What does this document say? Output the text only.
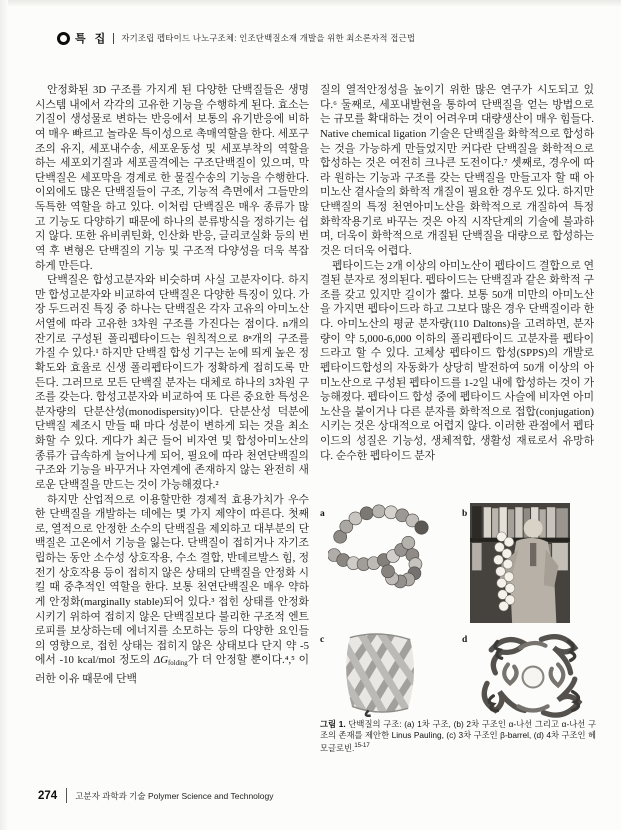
특 집 자기조립 펩타이드 나노구조체: 인조단백질소재 개발을 위한 최소론자적 접근법

안정화된 3D 구조를 가지게 된 다양한 단백질들은 생명 시스템 내에서 각각의 고유한 기능을 수행하게 된다. 효소는 기질이 생성물로 변하는 반응에서 보통의 유기반응에 비하여 매우 빠르고 놀라운 특이성으로 촉매역할을 한다. 세포구조의 유지, 세포내수송, 세포운동성 및 세포부착의 역할을 하는 세포외기질과 세포골격에는 구조단백질이 있으며, 막단백질은 세포막을 경계로 한 물질수송의 기능을 수행한다. 이외에도 많은 단백질들이 구조, 기능적 측면에서 그들만의 독특한 역할을 하고 있다. 이처럼 단백질은 매우 종류가 많고 기능도 다양하기 때문에 하나의 분류방식을 정하기는 쉽지 않다. 또한 유비퀴틴화, 인산화 반응, 글리코실화 등의 번역 후 변형은 단백질의 기능 및 구조적 다양성을 더욱 복잡하게 만든다.

단백질은 합성고분자와 비슷하며 사실 고분자이다. 하지만 합성고분자와 비교하여 단백질은 다양한 특징이 있다. 가장 두드러진 특징 중 하나는 단백질은 각자 고유의 아미노산 서열에 따라 고유한 3차원 구조를 가진다는 점이다. n개의 잔기로 구성된 폴리펩타이드는 원칙적으로 8ⁿ개의 구조를 가질 수 있다.¹ 하지만 단백질 합성 기구는 눈에 띄게 높은 정확도와 효율로 신생 폴리펩타이드가 정확하게 접히도록 만든다. 그러므로 모든 단백질 분자는 대체로 하나의 3차원 구조를 갖는다. 합성고분자와 비교하여 또 다른 중요한 특성은 분자량의 단분산성(monodispersity)이다. 단분산성 덕분에 단백질 제조시 만들 때 마다 성분이 변하게 되는 것을 최소화할 수 있다. 게다가 최근 들어 비자연 및 합성아미노산의 종류가 급속하게 늘어나게 되어, 필요에 따라 천연단백질의 구조와 기능을 바꾸거나 자연계에 존재하지 않는 완전히 새로운 단백질을 만드는 것이 가능해졌다.²

하지만 산업적으로 이용할만한 경제적 효용가치가 우수한 단백질을 개발하는 데에는 몇 가지 제약이 따른다. 첫째로, 열적으로 안정한 소수의 단백질을 제외하고 대부분의 단백질은 고온에서 기능을 잃는다. 단백질이 접히거나 자기조립하는 동안 소수성 상호작용, 수소 결합, 반데르발스 힘, 정전기 상호작용 등이 접히지 않은 상태의 단백질을 안정화 시킬 때 중추적인 역할을 한다. 보통 천연단백질은 매우 약하게 안정화(marginally stable)되어 있다.³ 접힌 상태를 안정화시키기 위하여 접히지 않은 단백질보다 불리한 구조적 엔트로피를 보상하는데 에너지를 소모하는 등의 다양한 요인들의 영향으로, 접힌 상태는 접히지 않은 상태보다 단지 약 -5에서 -10 kcal/mol 정도의 $\Delta G_{folding}$가 더 안정할 뿐이다.⁴,⁵ 이러한 이유 때문에 단백

질의 열적안정성을 높이기 위한 많은 연구가 시도되고 있다.⁶ 둘째로, 세포내발현을 통하여 단백질을 얻는 방법으로는 규모를 확대하는 것이 어려우며 대량생산이 매우 힘들다. Native chemical ligation 기술은 단백질을 화학적으로 합성하는 것을 가능하게 만들었지만 커다란 단백질을 화학적으로 합성하는 것은 여전히 크나큰 도전이다.⁷ 셋째로, 경우에 따라 원하는 기능과 구조를 갖는 단백질을 만들고자 할 때 아미노산 곁사슬의 화학적 개질이 필요한 경우도 있다. 하지만 단백질의 특정 천연아미노산을 화학적으로 개질하여 특정 화학작용기로 바꾸는 것은 아직 시작단계의 기술에 불과하며, 더욱이 화학적으로 개질된 단백질을 대량으로 합성하는 것은 더더욱 어렵다.

펩타이드는 2개 이상의 아미노산이 펩타이드 결합으로 연결된 분자로 정의된다. 펩타이드는 단백질과 같은 화학적 구조를 갖고 있지만 길이가 짧다. 보통 50개 미만의 아미노산을 가지면 펩타이드라 하고 그보다 많은 경우 단백질이라 한다. 아미노산의 평균 분자량(110 Daltons)을 고려하면, 분자량이 약 5,000-6,000 이하의 폴리펩타이드 고분자를 펩타이드라고 할 수 있다. 고체상 펩타이드 합성(SPPS)의 개발로 펩타이드합성의 자동화가 상당히 발전하여 50개 이상의 아미노산으로 구성된 펩타이드를 1-2일 내에 합성하는 것이 가능해졌다. 펩타이드 합성 중에 펩타이드 사슬에 비자연 아미노산을 붙이거나 다른 분자를 화학적으로 접합(conjugation)시키는 것은 상대적으로 어렵지 않다. 이러한 관점에서 펩타이드의 성질은 기능성, 생체적합, 생활성 재료로서 유망하다. 순수한 펩타이드 분자

a	b
c	d
그림 1. 단백질의 구조: (a) 1차 구조, (b) 2차 구조인 α-나선 그리고 α-나선 구조의 존재를 제안한 Linus Pauling, (c) 3차 구조인 β-barrel, (d) 4차 구조인 헤모글로빈.$^{15-17}$
274 고분자 과학과 기술 Polymer Science and Technology
